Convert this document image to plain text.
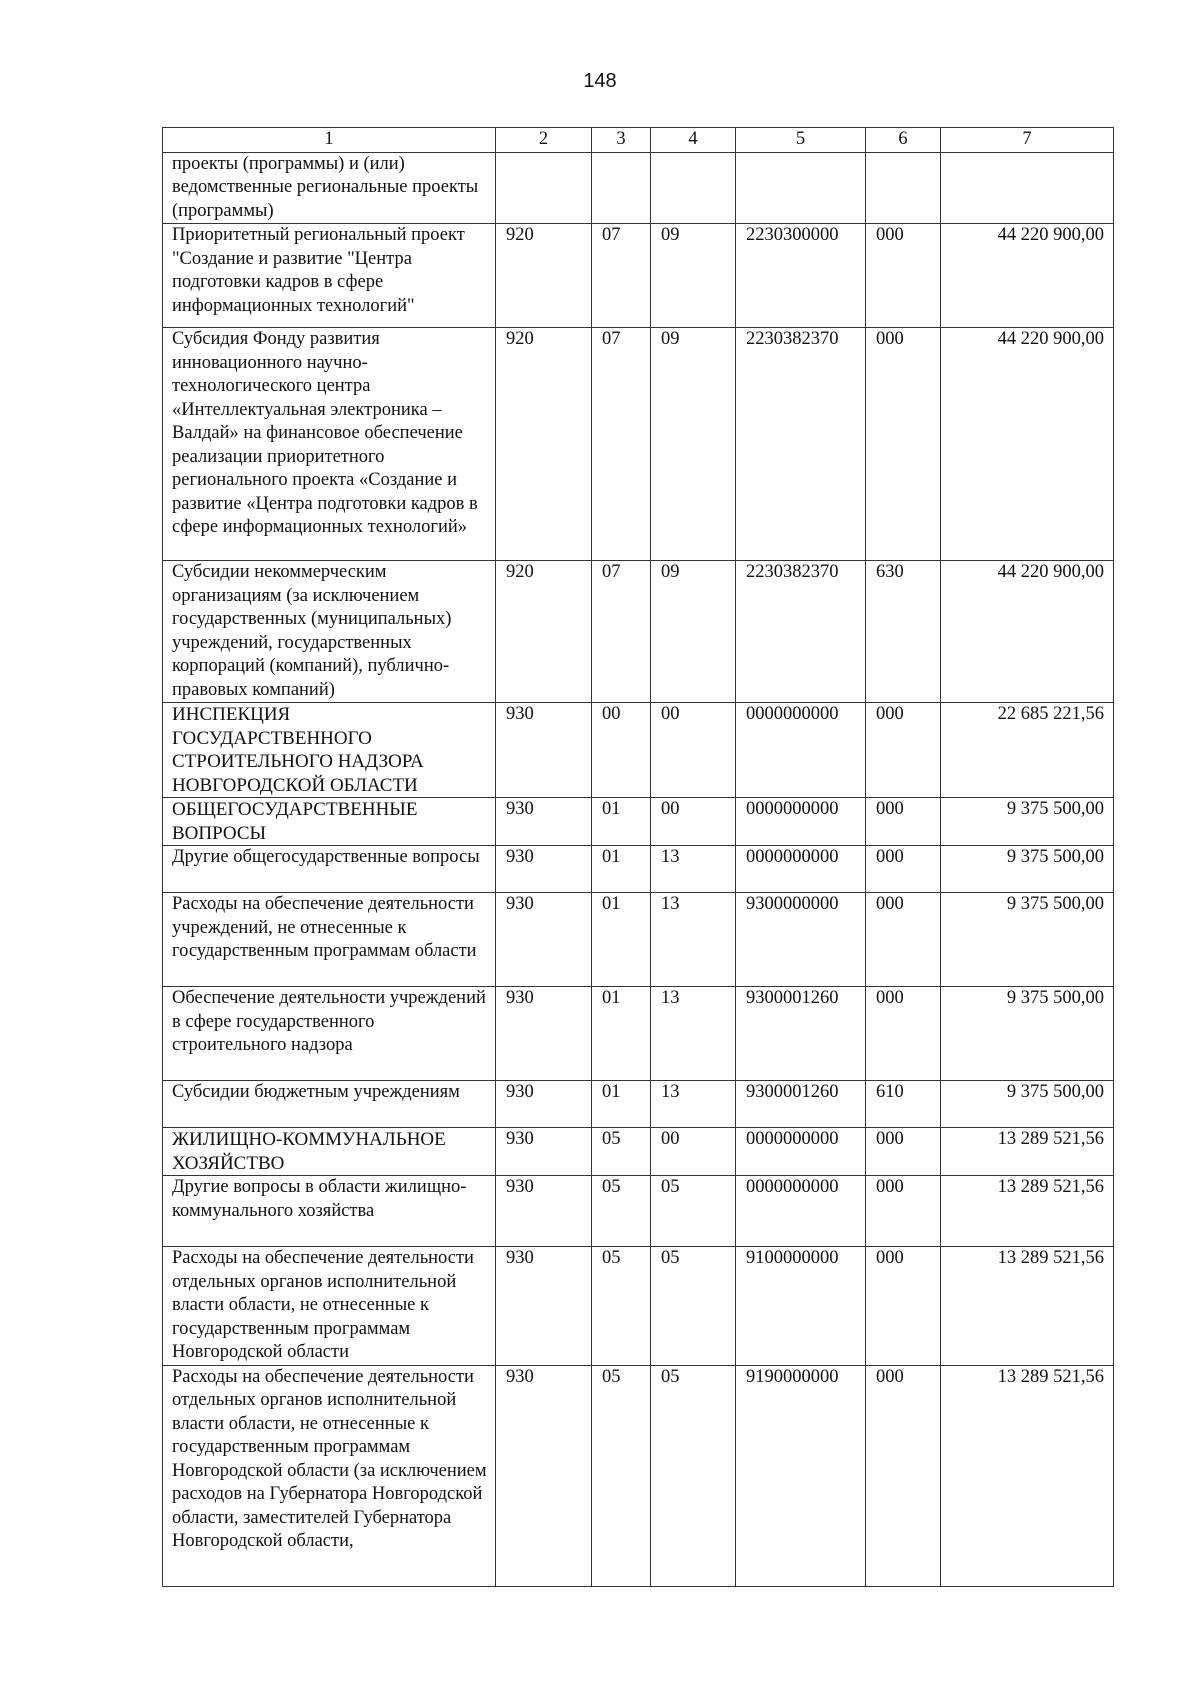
148
1	2	3	4	5	6	7
проекты (программы) и (или) ведомственные региональные проекты (программы)						
Приоритетный региональный проект "Создание и развитие "Центра подготовки кадров в сфере информационных технологий"	920	07	09	2230300000	000	44 220 900,00
Субсидия Фонду развития инновационного научно-технологического центра «Интеллектуальная электроника – Валдай» на финансовое обеспечение реализации приоритетного регионального проекта «Создание и развитие «Центра подготовки кадров в сфере информационных технологий»	920	07	09	2230382370	000	44 220 900,00
Субсидии некоммерческим организациям (за исключением государственных (муниципальных) учреждений, государственных корпораций (компаний), публично-правовых компаний)	920	07	09	2230382370	630	44 220 900,00
ИНСПЕКЦИЯ ГОСУДАРСТВЕННОГО СТРОИТЕЛЬНОГО НАДЗОРА НОВГОРОДСКОЙ ОБЛАСТИ	930	00	00	0000000000	000	22 685 221,56
ОБЩЕГОСУДАРСТВЕННЫЕ ВОПРОСЫ	930	01	00	0000000000	000	9 375 500,00
Другие общегосударственные вопросы	930	01	13	0000000000	000	9 375 500,00
Расходы на обеспечение деятельности учреждений, не отнесенные к государственным программам области	930	01	13	9300000000	000	9 375 500,00
Обеспечение деятельности учреждений в сфере государственного строительного надзора	930	01	13	9300001260	000	9 375 500,00
Субсидии бюджетным учреждениям	930	01	13	9300001260	610	9 375 500,00
ЖИЛИЩНО-КОММУНАЛЬНОЕ ХОЗЯЙСТВО	930	05	00	0000000000	000	13 289 521,56
Другие вопросы в области жилищно-коммунального хозяйства	930	05	05	0000000000	000	13 289 521,56
Расходы на обеспечение деятельности отдельных органов исполнительной власти области, не отнесенные к государственным программам Новгородской области	930	05	05	9100000000	000	13 289 521,56
Расходы на обеспечение деятельности отдельных органов исполнительной власти области, не отнесенные к государственным программам Новгородской области (за исключением расходов на Губернатора Новгородской области, заместителей Губернатора Новгородской области,	930	05	05	9190000000	000	13 289 521,56
